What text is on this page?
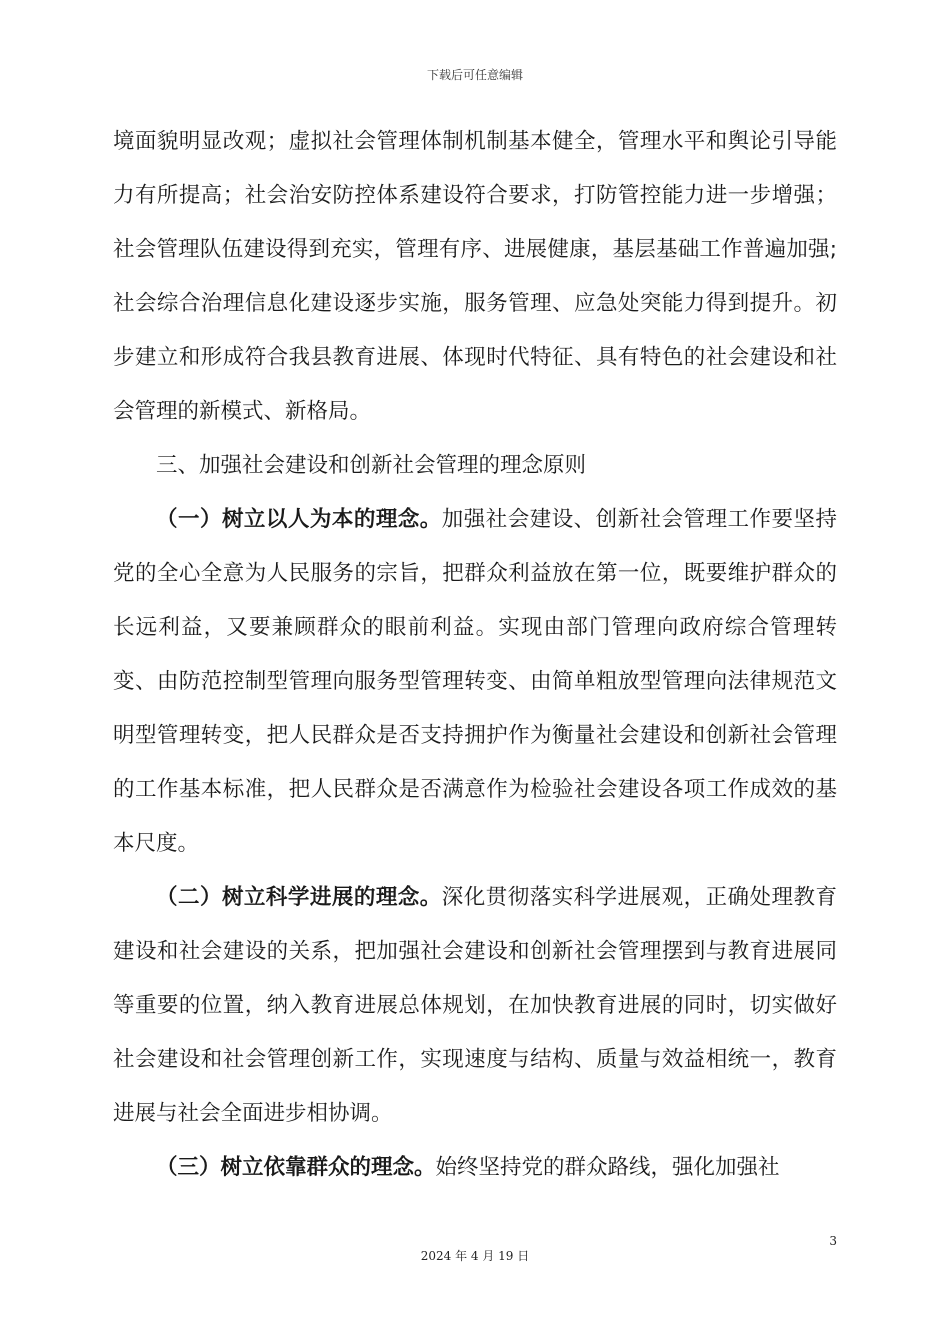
下载后可任意编辑

境面貌明显改观；虚拟社会管理体制机制基本健全，管理水平和舆论引导能力有所提高；社会治安防控体系建设符合要求，打防管控能力进一步增强；社会管理队伍建设得到充实，管理有序、进展健康，基层基础工作普遍加强;社会综合治理信息化建设逐步实施，服务管理、应急处突能力得到提升。初步建立和形成符合我县教育进展、体现时代特征、具有特色的社会建设和社会管理的新模式、新格局。

三、加强社会建设和创新社会管理的理念原则

（一）树立以人为本的理念。加强社会建设、创新社会管理工作要坚持党的全心全意为人民服务的宗旨，把群众利益放在第一位，既要维护群众的长远利益，又要兼顾群众的眼前利益。实现由部门管理向政府综合管理转变、由防范控制型管理向服务型管理转变、由简单粗放型管理向法律规范文明型管理转变，把人民群众是否支持拥护作为衡量社会建设和创新社会管理的工作基本标准，把人民群众是否满意作为检验社会建设各项工作成效的基本尺度。

（二）树立科学进展的理念。深化贯彻落实科学进展观，正确处理教育建设和社会建设的关系，把加强社会建设和创新社会管理摆到与教育进展同等重要的位置，纳入教育进展总体规划，在加快教育进展的同时，切实做好社会建设和社会管理创新工作，实现速度与结构、质量与效益相统一，教育进展与社会全面进步相协调。

（三）树立依靠群众的理念。始终坚持党的群众路线，强化加强社

3
2024 年 4 月 19 日
